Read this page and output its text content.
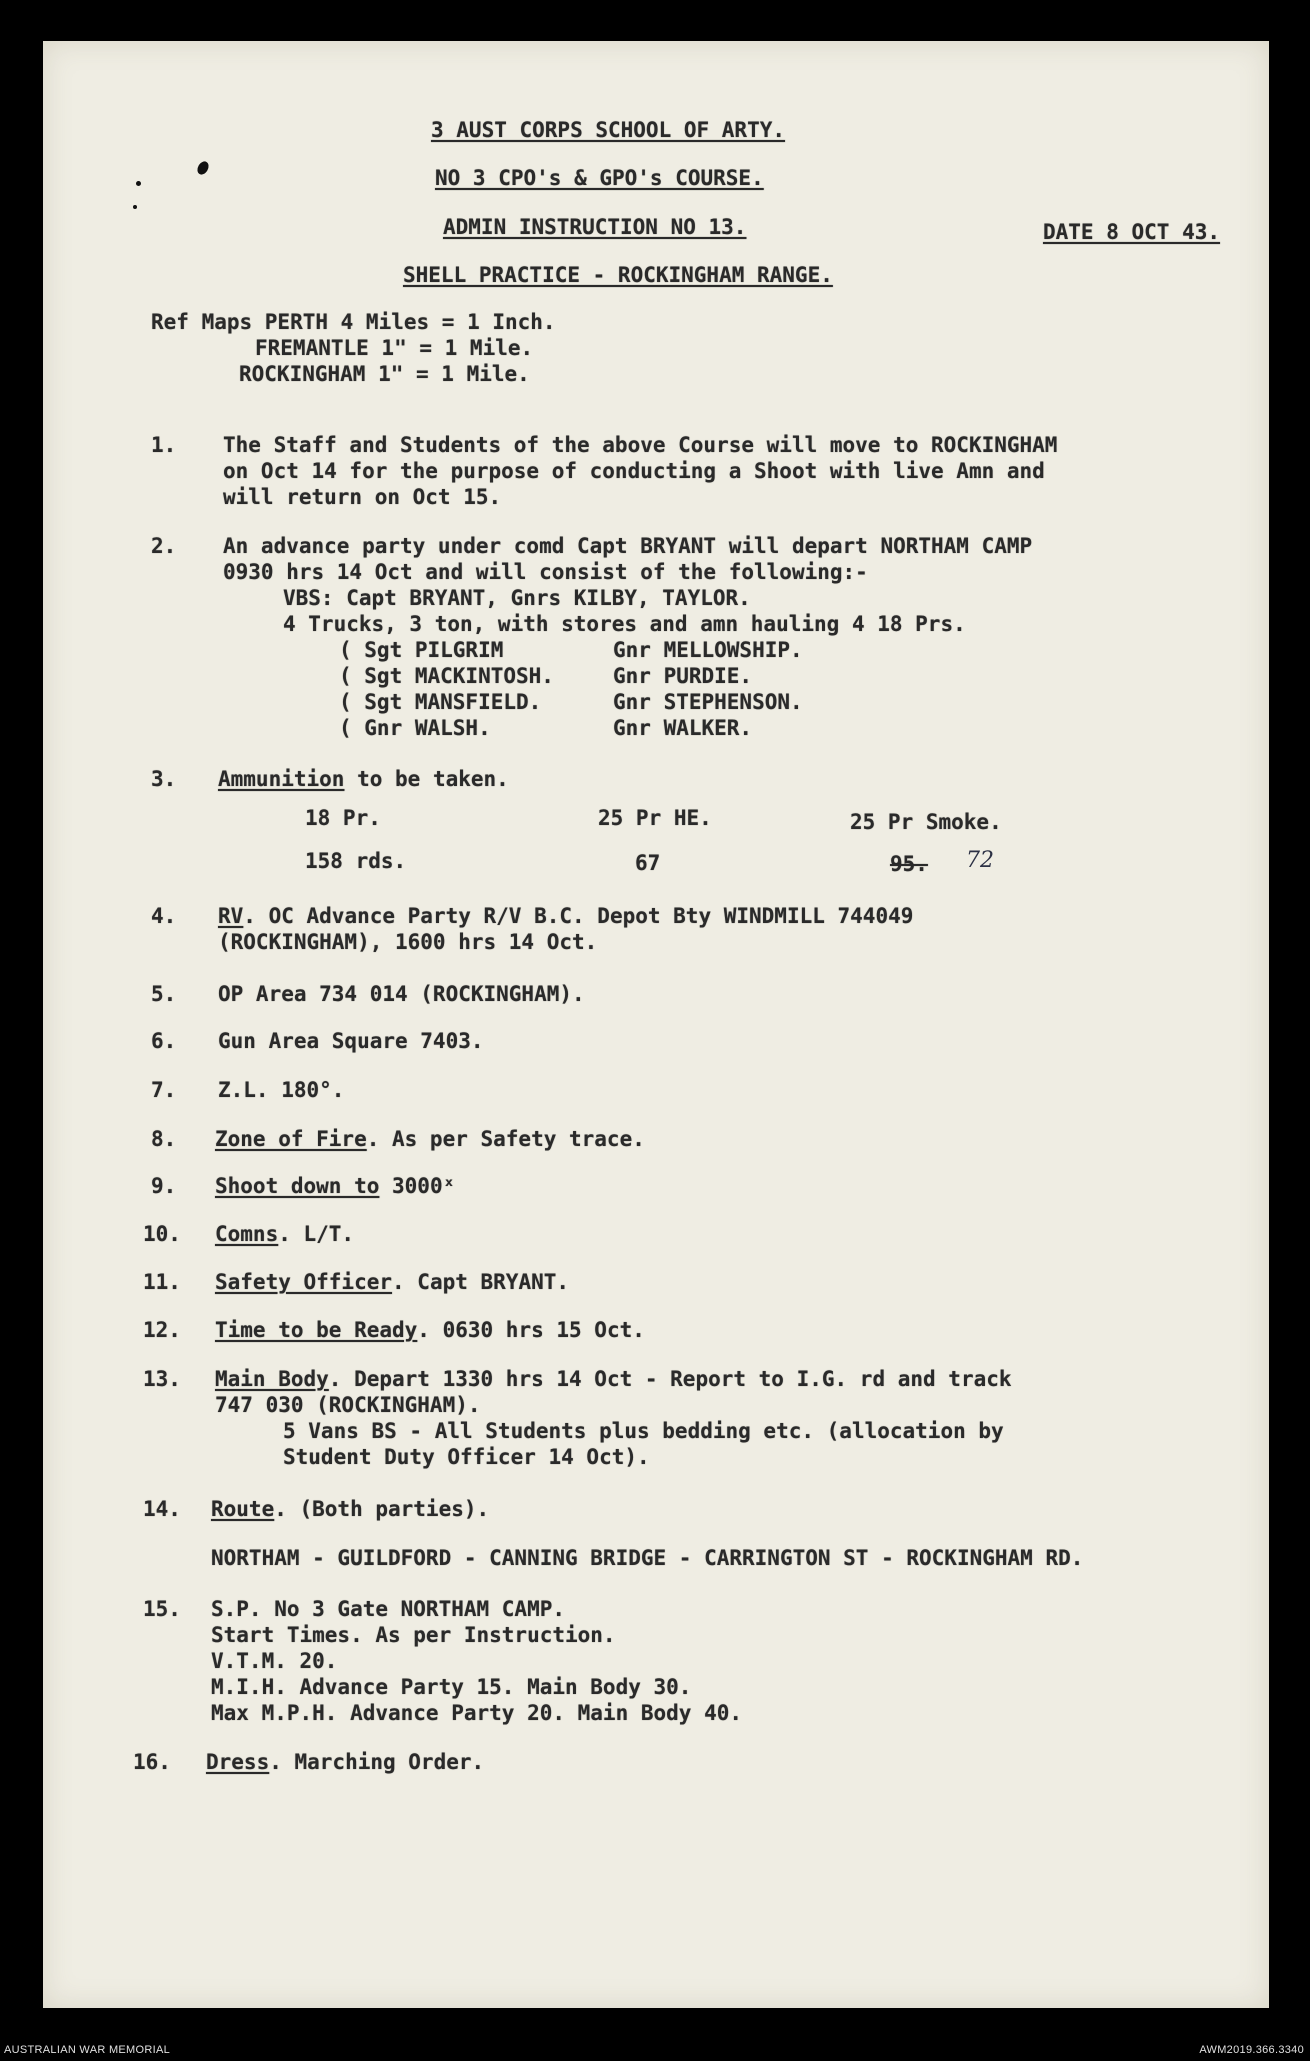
3 AUST CORPS SCHOOL OF ARTY.
NO 3 CPO's & GPO's COURSE.
ADMIN INSTRUCTION NO 13.	DATE 8 OCT 43.
SHELL PRACTICE - ROCKINGHAM RANGE.
Ref Maps PERTH 4 Miles = 1 Inch.
FREMANTLE 1" = 1 Mile.
ROCKINGHAM 1" = 1 Mile.
1. The Staff and Students of the above Course will move to ROCKINGHAM
on Oct 14 for the purpose of conducting a Shoot with live Amn and
will return on Oct 15.
2. An advance party under comd Capt BRYANT will depart NORTHAM CAMP
0930 hrs 14 Oct and will consist of the following:-
VBS: Capt BRYANT, Gnrs KILBY, TAYLOR.
4 Trucks, 3 ton, with stores and amn hauling 4 18 Prs.
( Sgt PILGRIM	Gnr MELLOWSHIP.
( Sgt MACKINTOSH.	Gnr PURDIE.
( Sgt MANSFIELD.	Gnr STEPHENSON.
( Gnr WALSH.	Gnr WALKER.
3. Ammunition to be taken.
18 Pr.	25 Pr HE.	25 Pr Smoke.
158 rds.	67	95. 72
4. RV. OC Advance Party R/V B.C. Depot Bty WINDMILL 744049
(ROCKINGHAM), 1600 hrs 14 Oct.
5. OP Area 734 014 (ROCKINGHAM).
6. Gun Area Square 7403.
7. Z.L. 180°.
8. Zone of Fire. As per Safety trace.
9. Shoot down to 3000ˣ
10. Comns. L/T.
11. Safety Officer. Capt BRYANT.
12. Time to be Ready. 0630 hrs 15 Oct.
13. Main Body. Depart 1330 hrs 14 Oct - Report to I.G. rd and track
747 030 (ROCKINGHAM).
5 Vans BS - All Students plus bedding etc. (allocation by
Student Duty Officer 14 Oct).
14. Route. (Both parties).
NORTHAM - GUILDFORD - CANNING BRIDGE - CARRINGTON ST - ROCKINGHAM RD.
15. S.P. No 3 Gate NORTHAM CAMP.
Start Times. As per Instruction.
V.T.M. 20.
M.I.H. Advance Party 15. Main Body 30.
Max M.P.H. Advance Party 20. Main Body 40.
16. Dress. Marching Order.
AUSTRALIAN WAR MEMORIAL	AWM2019.366.3340
